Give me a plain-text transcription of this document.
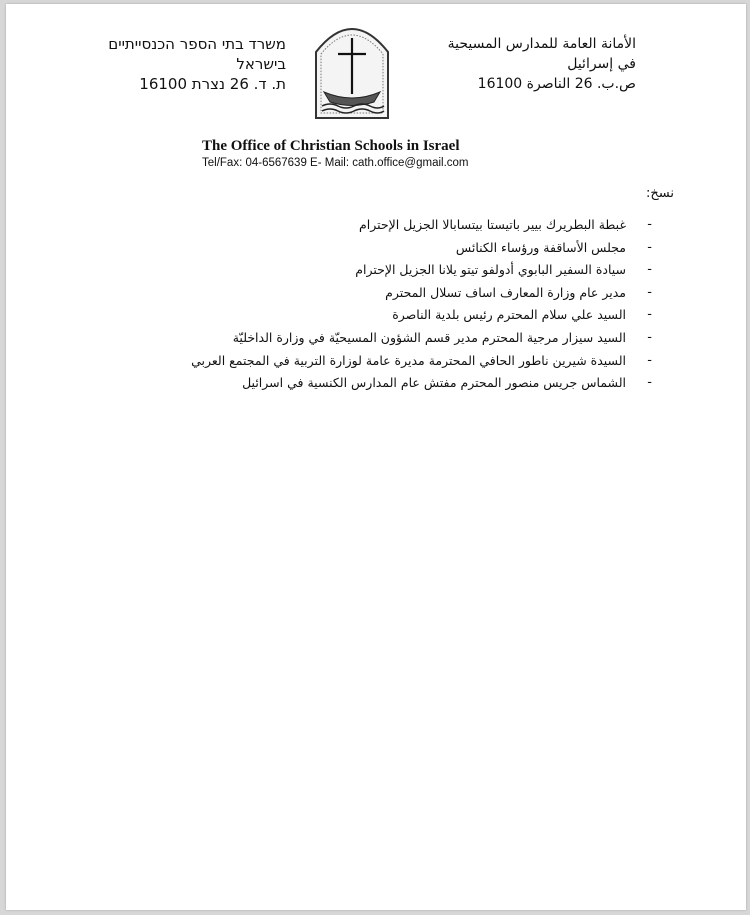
משרד בתי הספר הכנסייתיים
בישראל
ת. ד. 26 נצרת 16100
الأمانة العامة للمدارس المسيحية
في إسرائيل
ص.ب. 26 الناصرة 16100
The Office of Christian Schools in Israel
Tel/Fax: 04-6567639 E- Mail: cath.office@gmail.com
نسخ:
-
غبطة البطريرك بيير باتيستا بيتسابالا الجزيل الإحترام
-
مجلس الأساقفة ورؤساء الكنائس
-
سيادة السفير البابوي أدولفو تيتو يلانا الجزيل الإحترام
-
مدير عام وزارة المعارف اساف تسلال المحترم
-
السيد علي سلام المحترم رئيس بلدية الناصرة
-
السيد سيزار مرجية المحترم مدير قسم الشؤون المسيحيّة في وزارة الداخليّة
-
السيدة شيرين ناطور الحافي المحترمة مديرة عامة لوزارة التربية في المجتمع العربي
-
الشماس جريس منصور المحترم مفتش عام المدارس الكنسية في اسرائيل
